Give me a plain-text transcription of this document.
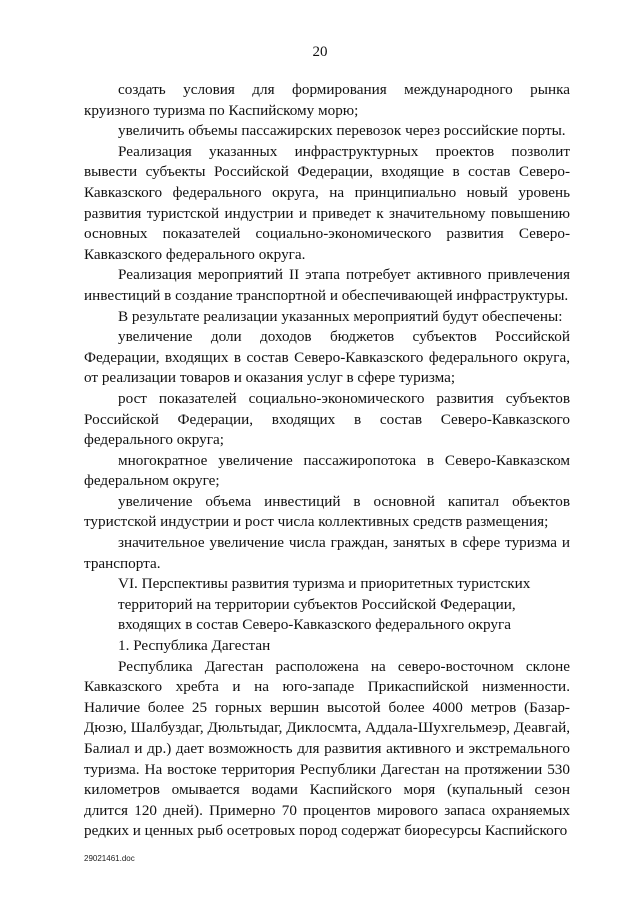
20

создать условия для формирования международного рынка круизного туризма по Каспийскому морю;

увеличить объемы пассажирских перевозок через российские порты.

Реализация указанных инфраструктурных проектов позволит вывести субъекты Российской Федерации, входящие в состав Северо-Кавказского федерального округа, на принципиально новый уровень развития туристской индустрии и приведет к значительному повышению основных показателей социально-экономического развития Северо-Кавказского федерального округа.

Реализация мероприятий II этапа потребует активного привлечения инвестиций в создание транспортной и обеспечивающей инфраструктуры.

В результате реализации указанных мероприятий будут обеспечены:

увеличение доли доходов бюджетов субъектов Российской Федерации, входящих в состав Северо-Кавказского федерального округа, от реализации товаров и оказания услуг в сфере туризма;

рост показателей социально-экономического развития субъектов Российской Федерации, входящих в состав Северо-Кавказского федерального округа;

многократное увеличение пассажиропотока в Северо-Кавказском федеральном округе;

увеличение объема инвестиций в основной капитал объектов туристской индустрии и рост числа коллективных средств размещения;

значительное увеличение числа граждан, занятых в сфере туризма и транспорта.

VI. Перспективы развития туризма и приоритетных туристских
территорий на территории субъектов Российской Федерации,
входящих в состав Северо-Кавказского федерального округа

1. Республика Дагестан

Республика Дагестан расположена на северо-восточном склоне Кавказского хребта и на юго-западе Прикаспийской низменности. Наличие более 25 горных вершин высотой более 4000 метров (Базар-Дюзю, Шалбуздаг, Дюльтыдаг, Диклосмта, Аддала-Шухгельмеэр, Деавгай, Балиал и др.) дает возможность для развития активного и экстремального туризма. На востоке территория Республики Дагестан на протяжении 530 километров омывается водами Каспийского моря (купальный сезон длится 120 дней). Примерно 70 процентов мирового запаса охраняемых редких и ценных рыб осетровых пород содержат биоресурсы Каспийского

29021461.doc
